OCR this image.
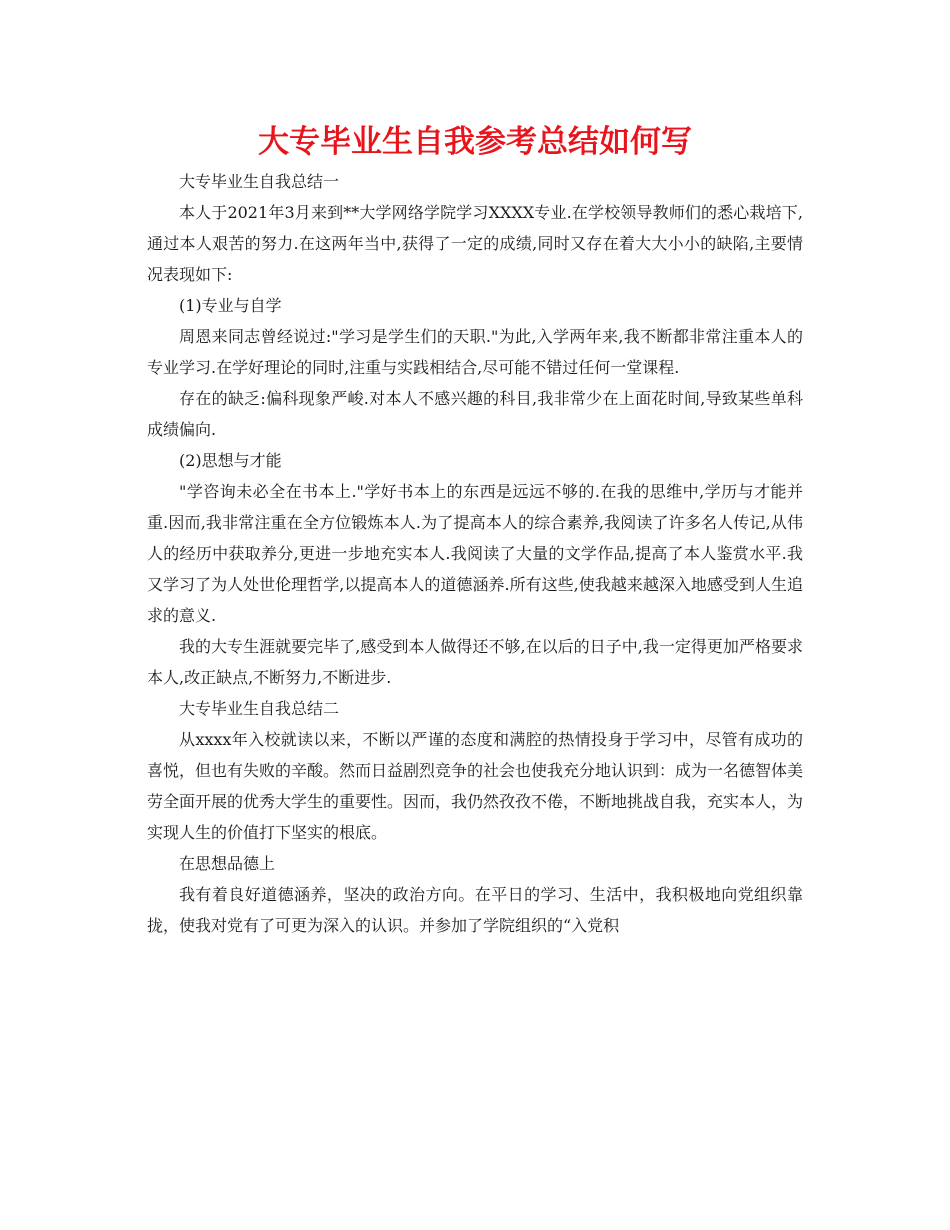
大专毕业生自我参考总结如何写

大专毕业生自我总结一

本人于2021年3月来到**大学网络学院学习XXXX专业.在学校领导教师们的悉心栽培下,通过本人艰苦的努力.在这两年当中,获得了一定的成绩,同时又存在着大大小小的缺陷,主要情况表现如下:

(1)专业与自学

周恩来同志曾经说过:"学习是学生们的天职."为此,入学两年来,我不断都非常注重本人的专业学习.在学好理论的同时,注重与实践相结合,尽可能不错过任何一堂课程.

存在的缺乏:偏科现象严峻.对本人不感兴趣的科目,我非常少在上面花时间,导致某些单科成绩偏向.

(2)思想与才能

"学咨询未必全在书本上."学好书本上的东西是远远不够的.在我的思维中,学历与才能并重.因而,我非常注重在全方位锻炼本人.为了提高本人的综合素养,我阅读了许多名人传记,从伟人的经历中获取养分,更进一步地充实本人.我阅读了大量的文学作品,提高了本人鉴赏水平.我又学习了为人处世伦理哲学,以提高本人的道德涵养.所有这些,使我越来越深入地感受到人生追求的意义.

我的大专生涯就要完毕了,感受到本人做得还不够,在以后的日子中,我一定得更加严格要求本人,改正缺点,不断努力,不断进步.

大专毕业生自我总结二

从xxxx年入校就读以来，不断以严谨的态度和满腔的热情投身于学习中，尽管有成功的喜悦，但也有失败的辛酸。然而日益剧烈竞争的社会也使我充分地认识到：成为一名德智体美劳全面开展的优秀大学生的重要性。因而，我仍然孜孜不倦，不断地挑战自我，充实本人，为实现人生的价值打下坚实的根底。

在思想品德上

我有着良好道德涵养，坚决的政治方向。在平日的学习、生活中，我积极地向党组织靠拢，使我对党有了可更为深入的认识。并参加了学院组织的“入党积
